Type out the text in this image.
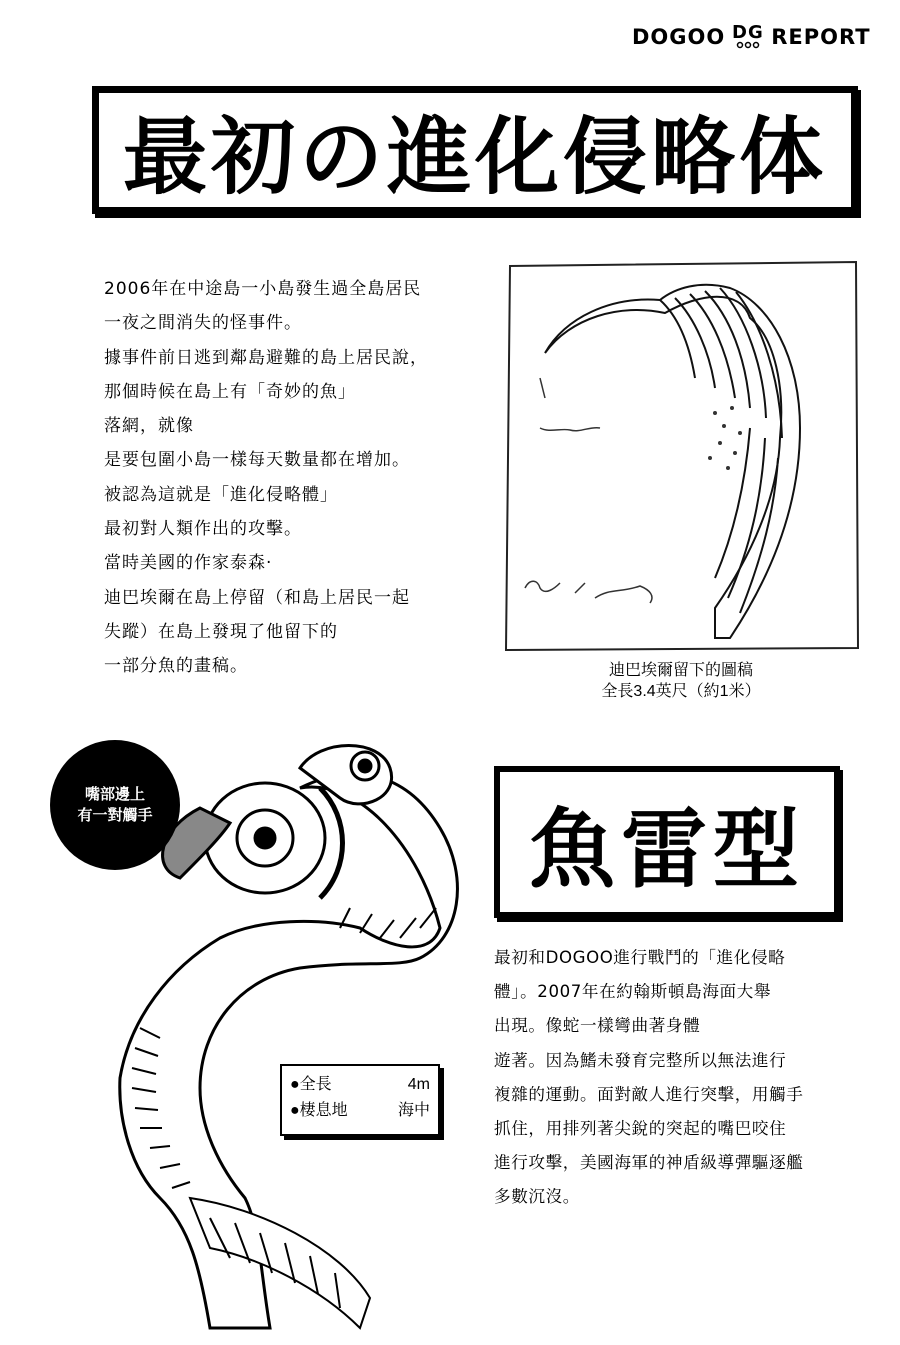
DOGOO DG REPORT
最初の進化侵略体
2006年在中途島一小島發生過全島居民
一夜之間消失的怪事件。
據事件前日逃到鄰島避難的島上居民說，
那個時候在島上有「奇妙的魚」
落網，就像
是要包圍小島一樣每天數量都在增加。
被認為這就是「進化侵略體」
最初對人類作出的攻擊。
當時美國的作家泰森·
迪巴埃爾在島上停留（和島上居民一起
失蹤）在島上發現了他留下的
一部分魚的畫稿。	迪巴埃爾留下的圖稿
全長3.4英尺（約1米）
嘴部邊上
有一對觸手
●全長	4m
●棲息地	海中
魚雷型
最初和DOGOO進行戰鬥的「進化侵略
體」。2007年在約翰斯頓島海面大舉
出現。像蛇一樣彎曲著身體
遊著。因為鰭未發育完整所以無法進行
複雜的運動。面對敵人進行突擊，用觸手
抓住，用排列著尖銳的突起的嘴巴咬住
進行攻擊，美國海軍的神盾級導彈驅逐艦
多數沉沒。
